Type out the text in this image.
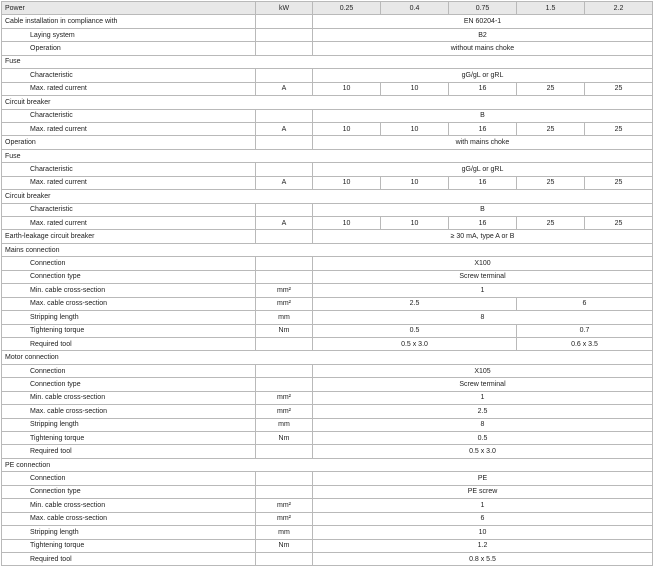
Power	kW	0.25	0.4	0.75	1.5	2.2
Cable installation in compliance with		EN 60204-1				
Laying system		B2				
Operation		without mains choke				
Fuse						
Characteristic		gG/gL or gRL				
Max. rated current	A	10	10	16	25	25
Circuit breaker						
Characteristic		B				
Max. rated current	A	10	10	16	25	25
Operation		with mains choke				
Fuse						
Characteristic		gG/gL or gRL				
Max. rated current	A	10	10	16	25	25
Circuit breaker						
Characteristic		B				
Max. rated current	A	10	10	16	25	25
Earth-leakage circuit breaker		≥ 30 mA, type A or B				
Mains connection						
Connection		X100				
Connection type		Screw terminal				
Min. cable cross-section	mm²	1				
Max. cable cross-section	mm²	2.5			6	
Stripping length	mm	8				
Tightening torque	Nm	0.5			0.7	
Required tool		0.5 x 3.0			0.6 x 3.5	
Motor connection						
Connection		X105				
Connection type		Screw terminal				
Min. cable cross-section	mm²	1				
Max. cable cross-section	mm²	2.5				
Stripping length	mm	8				
Tightening torque	Nm	0.5				
Required tool		0.5 x 3.0				
PE connection						
Connection		PE				
Connection type		PE screw				
Min. cable cross-section	mm²	1				
Max. cable cross-section	mm²	6				
Stripping length	mm	10				
Tightening torque	Nm	1.2				
Required tool		0.8 x 5.5				
